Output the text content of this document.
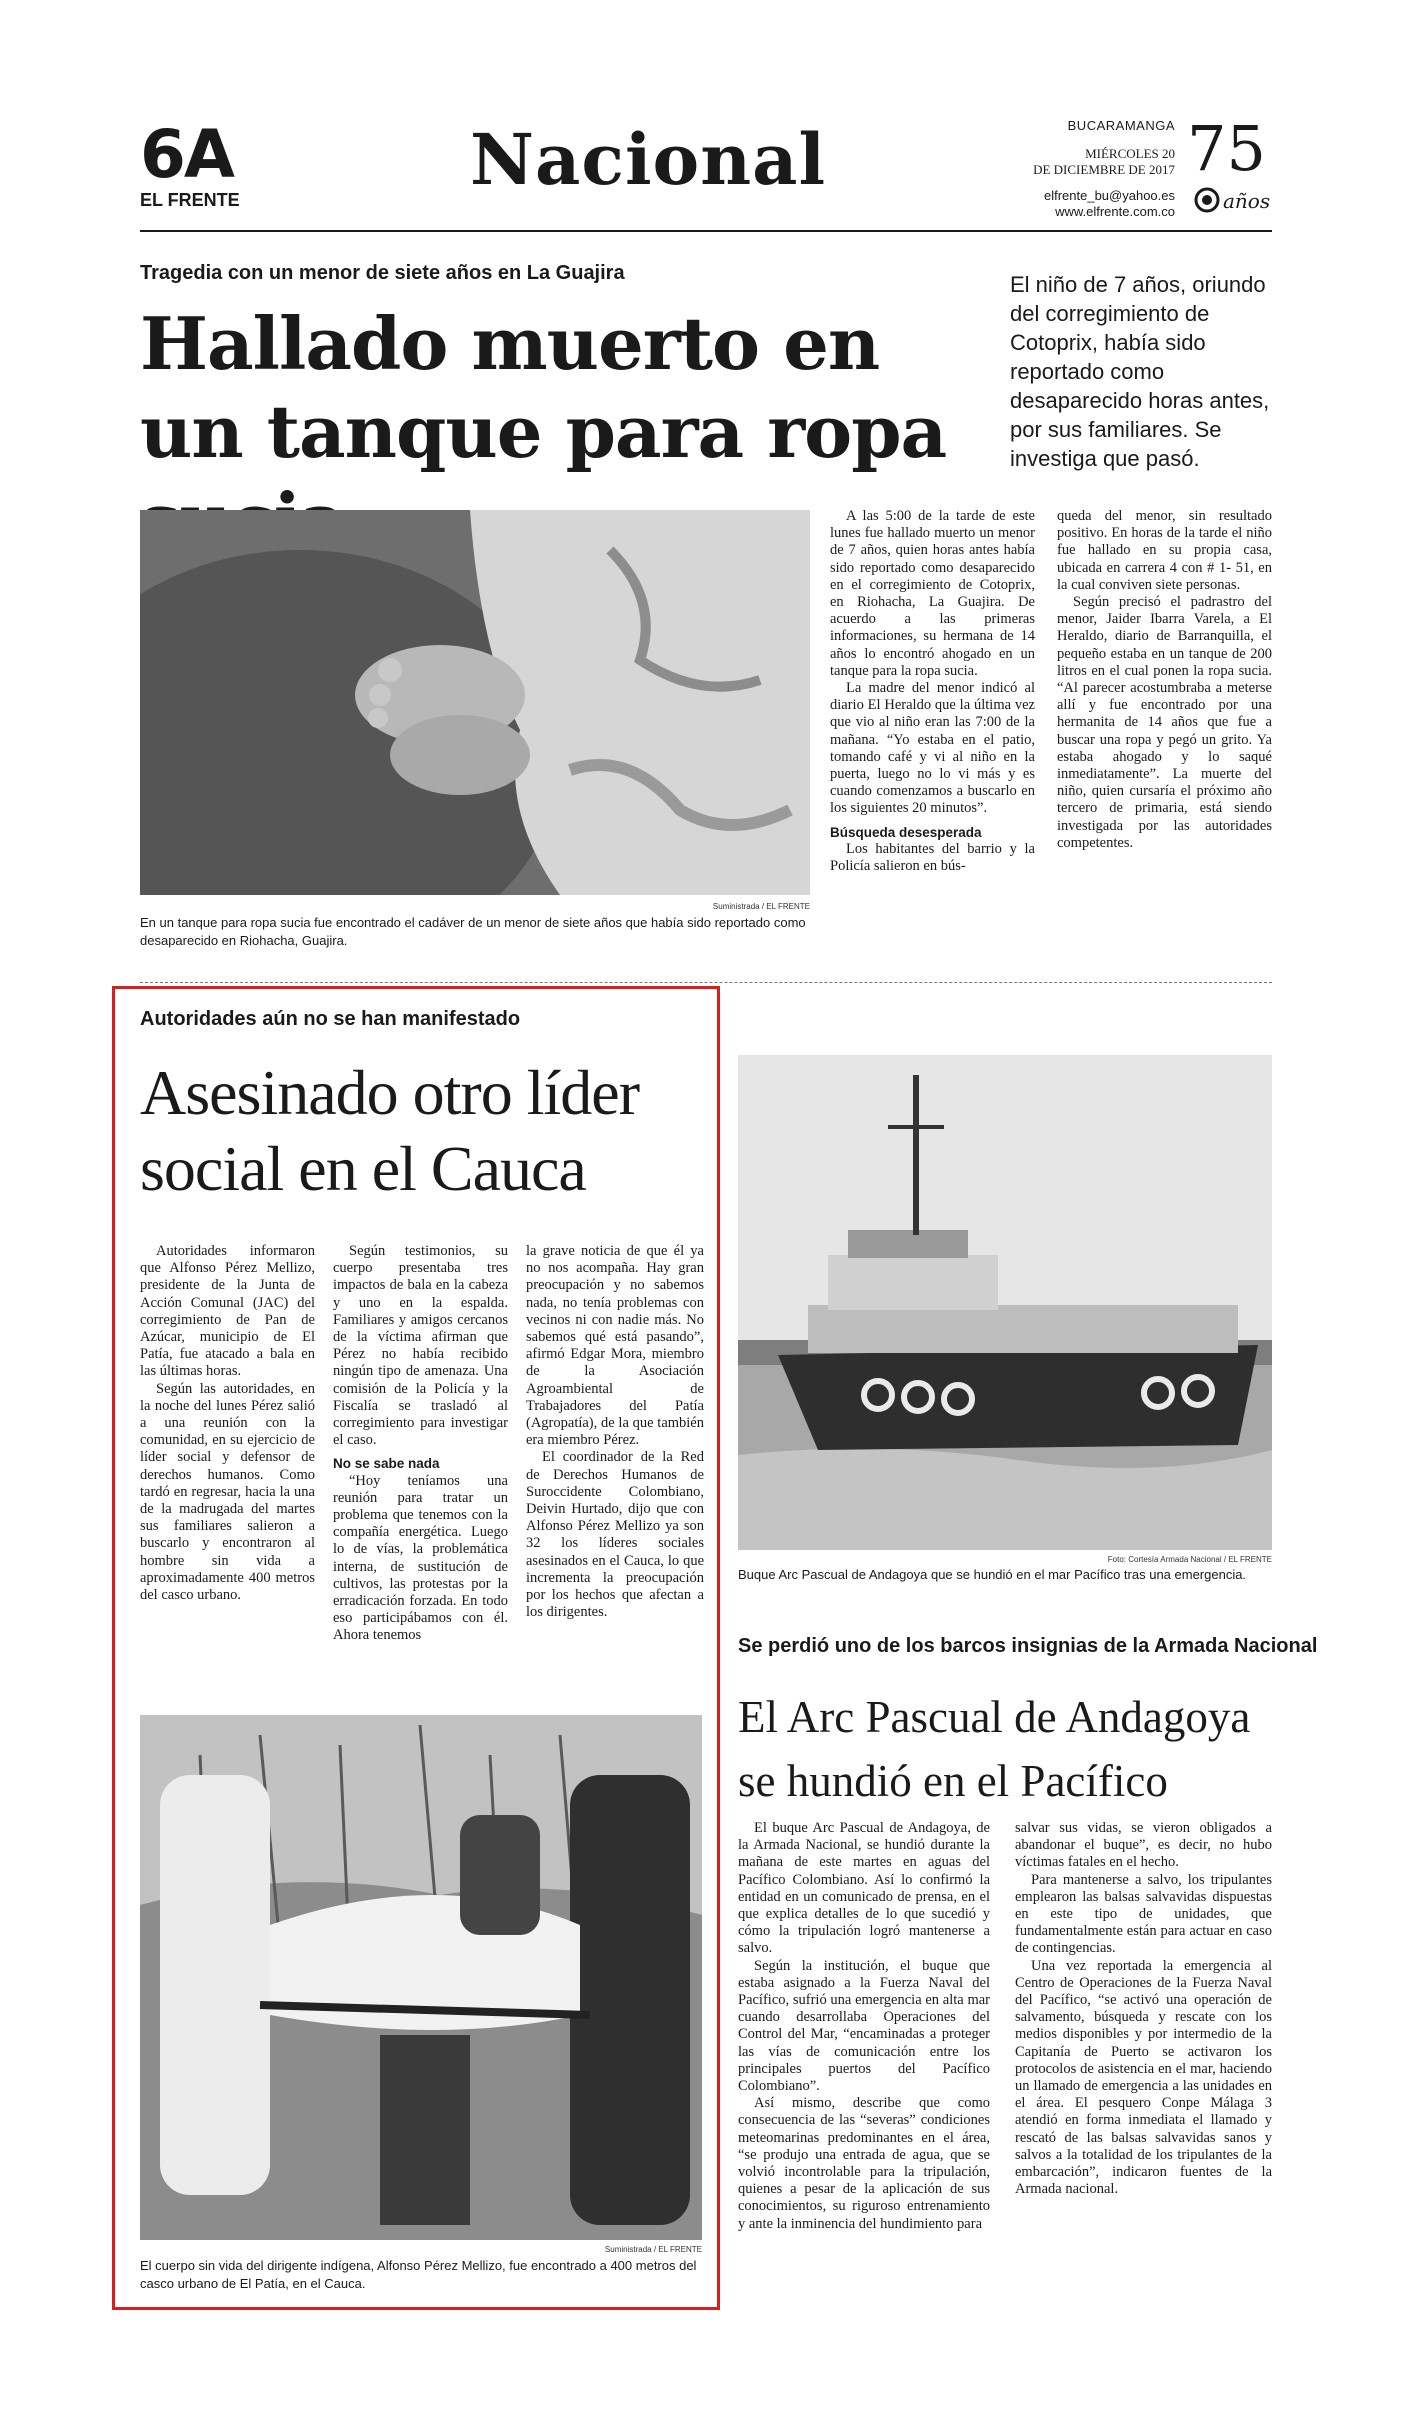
6A
EL FRENTE	Nacional	BUCARAMANGA
MIÉRCOLES 20
DE DICIEMBRE DE 2017
elfrente_bu@yahoo.es
www.elfrente.com.co
75
años
Tragedia con un menor de siete años en La Guajira
Hallado muerto en un tanque para ropa
El niño de 7 años, oriundo del corregimiento de Cotoprix, había sido reportado como desaparecido horas antes, por sus familiares. Se investiga que pasó.
Suministrada / EL FRENTE
En un tanque para ropa sucia fue encontrado el cadáver de un menor de siete años que había sido reportado como desaparecido en Riohacha, Guajira.

A las 5:00 de la tarde de este lunes fue hallado muerto un menor de 7 años, quien horas antes había sido reportado como desaparecido en el corregimiento de Cotoprix, en Riohacha, La Guajira. De acuerdo a las primeras informaciones, su hermana de 14 años lo encontró ahogado en un tanque para la ropa sucia.

La madre del menor indicó al diario El Heraldo que la última vez que vio al niño eran las 7:00 de la mañana. “Yo estaba en el patio, tomando café y vi al niño en la puerta, luego no lo vi más y es cuando comenzamos a buscarlo en los siguientes 20 minutos”.

Búsqueda desesperada

Los habitantes del barrio y la Policía salieron en bús-

queda del menor, sin resultado positivo. En horas de la tarde el niño fue hallado en su propia casa, ubicada en carrera 4 con # 1- 51, en la cual conviven siete personas.

Según precisó el padrastro del menor, Jaider Ibarra Varela, a El Heraldo, diario de Barranquilla, el pequeño estaba en un tanque de 200 litros en el cual ponen la ropa sucia. “Al parecer acostumbraba a meterse allí y fue encontrado por una hermanita de 14 años que fue a buscar una ropa y pegó un grito. Ya estaba ahogado y lo saqué inmediatamente”. La muerte del niño, quien cursaría el próximo año tercero de primaria, está siendo investigada por las autoridades competentes.

Autoridades aún no se han manifestado
Asesinado otro líder social en el Cauca

Autoridades informaron que Alfonso Pérez Mellizo, presidente de la Junta de Acción Comunal (JAC) del corregimiento de Pan de Azúcar, municipio de El Patía, fue atacado a bala en las últimas horas.

Según las autoridades, en la noche del lunes Pérez salió a una reunión con la comunidad, en su ejercicio de líder social y defensor de derechos humanos. Como tardó en regresar, hacia la una de la madrugada del martes sus familiares salieron a buscarlo y encontraron al hombre sin vida a aproximadamente 400 metros del casco urbano.

Según testimonios, su cuerpo presentaba tres impactos de bala en la cabeza y uno en la espalda. Familiares y amigos cercanos de la víctima afirman que Pérez no había recibido ningún tipo de amenaza. Una comisión de la Policía y la Fiscalía se trasladó al corregimiento para investigar el caso.

No se sabe nada

“Hoy teníamos una reunión para tratar un problema que tenemos con la compañía energética. Luego lo de vías, la problemática interna, de sustitución de cultivos, las protestas por la erradicación forzada. En todo eso participábamos con él. Ahora tenemos

la grave noticia de que él ya no nos acompaña. Hay gran preocupación y no sabemos nada, no tenía problemas con vecinos ni con nadie más. No sabemos qué está pasando”, afirmó Edgar Mora, miembro de la Asociación Agroambiental de Trabajadores del Patía (Agropatía), de la que también era miembro Pérez.

El coordinador de la Red de Derechos Humanos de Suroccidente Colombiano, Deivin Hurtado, dijo que con Alfonso Pérez Mellizo ya son 32 los líderes sociales asesinados en el Cauca, lo que incrementa la preocupación por los hechos que afectan a los dirigentes.

Suministrada / EL FRENTE
El cuerpo sin vida del dirigente indígena, Alfonso Pérez Mellizo, fue encontrado a 400 metros del casco urbano de El Patía, en el Cauca.
Foto: Cortesía Armada Nacional / EL FRENTE
Buque Arc Pascual de Andagoya que se hundió en el mar Pacífico tras una emergencia.
Se perdió uno de los barcos insignias de la Armada Nacional
El Arc Pascual de Andagoya se hundió en el Pacífico

El buque Arc Pascual de Andagoya, de la Armada Nacional, se hundió durante la mañana de este martes en aguas del Pacífico Colombiano. Así lo confirmó la entidad en un comunicado de prensa, en el que explica detalles de lo que sucedió y cómo la tripulación logró mantenerse a salvo.

Según la institución, el buque que estaba asignado a la Fuerza Naval del Pacífico, sufrió una emergencia en alta mar cuando desarrollaba Operaciones del Control del Mar, “encaminadas a proteger las vías de comunicación entre los principales puertos del Pacífico Colombiano”.

Así mismo, describe que como consecuencia de las “severas” condiciones meteomarinas predominantes en el área, “se produjo una entrada de agua, que se volvió incontrolable para la tripulación, quienes a pesar de la aplicación de sus conocimientos, su riguroso entrenamiento y ante la inminencia del hundimiento para

salvar sus vidas, se vieron obligados a abandonar el buque”, es decir, no hubo víctimas fatales en el hecho.

Para mantenerse a salvo, los tripulantes emplearon las balsas salvavidas dispuestas en este tipo de unidades, que fundamentalmente están para actuar en caso de contingencias.

Una vez reportada la emergencia al Centro de Operaciones de la Fuerza Naval del Pacífico, “se activó una operación de salvamento, búsqueda y rescate con los medios disponibles y por intermedio de la Capitanía de Puerto se activaron los protocolos de asistencia en el mar, haciendo un llamado de emergencia a las unidades en el área. El pesquero Conpe Málaga 3 atendió en forma inmediata el llamado y rescató de las balsas salvavidas sanos y salvos a la totalidad de los tripulantes de la embarcación”, indicaron fuentes de la Armada nacional.
